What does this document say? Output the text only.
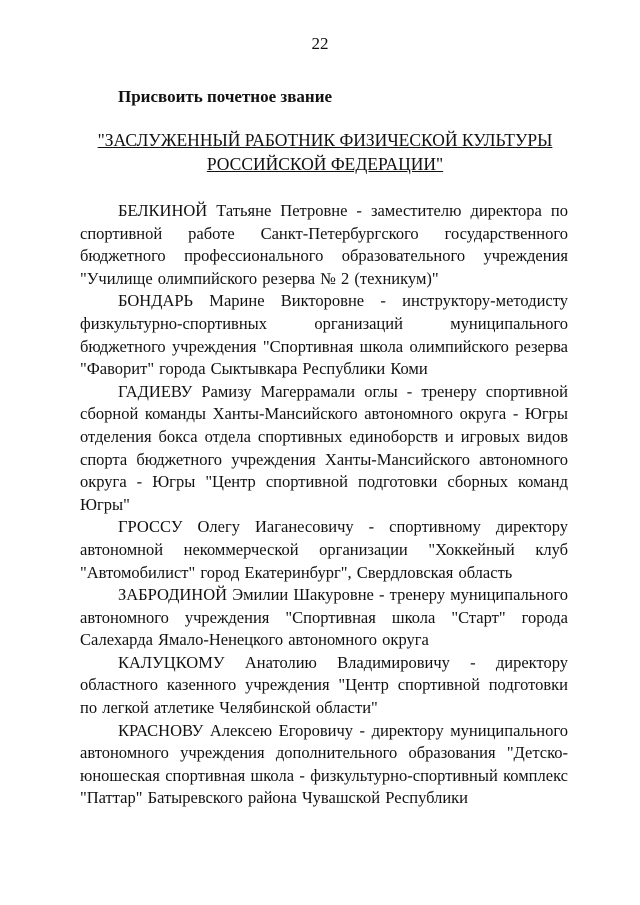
22
Присвоить почетное звание
"ЗАСЛУЖЕННЫЙ РАБОТНИК ФИЗИЧЕСКОЙ КУЛЬТУРЫ
РОССИЙСКОЙ ФЕДЕРАЦИИ"

БЕЛКИНОЙ Татьяне Петровне - заместителю директора по спортивной работе Санкт-Петербургского государственного бюджетного профессионального образовательного учреждения "Училище олимпийского резерва № 2 (техникум)"

БОНДАРЬ Марине Викторовне - инструктору-методисту физкультурно-спортивных организаций муниципального бюджетного учреждения "Спортивная школа олимпийского резерва "Фаворит" города Сыктывкара Республики Коми

ГАДИЕВУ Рамизу Магеррамали оглы - тренеру спортивной сборной команды Ханты-Мансийского автономного округа - Югры отделения бокса отдела спортивных единоборств и игровых видов спорта бюджетного учреждения Ханты-Мансийского автономного округа - Югры "Центр спортивной подготовки сборных команд Югры"

ГРОССУ Олегу Иаганесовичу - спортивному директору автономной некоммерческой организации "Хоккейный клуб "Автомобилист" город Екатеринбург", Свердловская область

ЗАБРОДИНОЙ Эмилии Шакуровне - тренеру муниципального автономного учреждения "Спортивная школа "Старт" города Салехарда Ямало-Ненецкого автономного округа

КАЛУЦКОМУ Анатолию Владимировичу - директору областного казенного учреждения "Центр спортивной подготовки по легкой атлетике Челябинской области"

КРАСНОВУ Алексею Егоровичу - директору муниципального автономного учреждения дополнительного образования "Детско-юношеская спортивная школа - физкультурно-спортивный комплекс "Паттар" Батыревского района Чувашской Республики
